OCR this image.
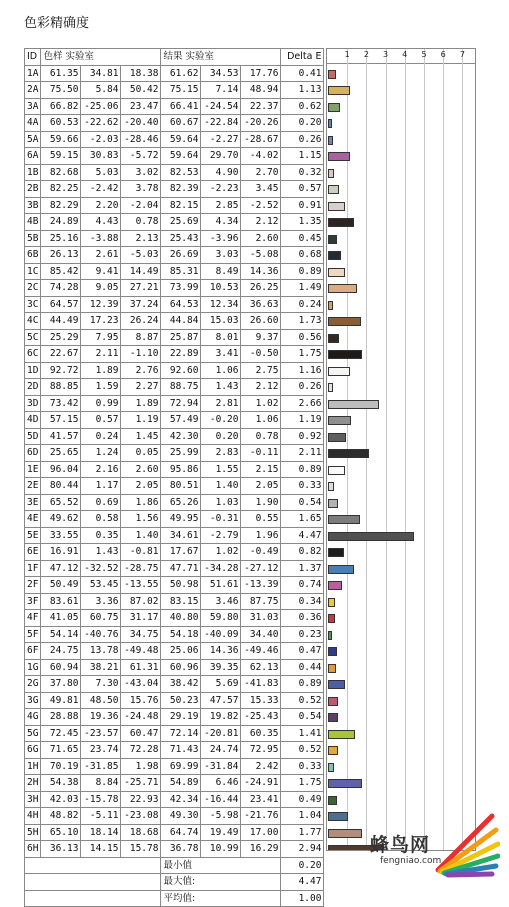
色彩精确度
ID	色样 实验室			结果 实验室			Delta E
1A	61.35	34.81	18.38	61.62	34.53	17.76	0.41
2A	75.50	5.84	50.42	75.15	7.14	48.94	1.13
3A	66.82	-25.06	23.47	66.41	-24.54	22.37	0.62
4A	60.53	-22.62	-20.40	60.67	-22.84	-20.26	0.20
5A	59.66	-2.03	-28.46	59.64	-2.27	-28.67	0.26
6A	59.15	30.83	-5.72	59.64	29.70	-4.02	1.15
1B	82.68	5.03	3.02	82.53	4.90	2.70	0.32
2B	82.25	-2.42	3.78	82.39	-2.23	3.45	0.57
3B	82.29	2.20	-2.04	82.15	2.85	-2.52	0.91
4B	24.89	4.43	0.78	25.69	4.34	2.12	1.35
5B	25.16	-3.88	2.13	25.43	-3.96	2.60	0.45
6B	26.13	2.61	-5.03	26.69	3.03	-5.08	0.68
1C	85.42	9.41	14.49	85.31	8.49	14.36	0.89
2C	74.28	9.05	27.21	73.99	10.53	26.25	1.49
3C	64.57	12.39	37.24	64.53	12.34	36.63	0.24
4C	44.49	17.23	26.24	44.84	15.03	26.60	1.73
5C	25.29	7.95	8.87	25.87	8.01	9.37	0.56
6C	22.67	2.11	-1.10	22.89	3.41	-0.50	1.75
1D	92.72	1.89	2.76	92.60	1.06	2.75	1.16
2D	88.85	1.59	2.27	88.75	1.43	2.12	0.26
3D	73.42	0.99	1.89	72.94	2.81	1.02	2.66
4D	57.15	0.57	1.19	57.49	-0.20	1.06	1.19
5D	41.57	0.24	1.45	42.30	0.20	0.78	0.92
6D	25.65	1.24	0.05	25.99	2.83	-0.11	2.11
1E	96.04	2.16	2.60	95.86	1.55	2.15	0.89
2E	80.44	1.17	2.05	80.51	1.40	2.05	0.33
3E	65.52	0.69	1.86	65.26	1.03	1.90	0.54
4E	49.62	0.58	1.56	49.95	-0.31	0.55	1.65
5E	33.55	0.35	1.40	34.61	-2.79	1.96	4.47
6E	16.91	1.43	-0.81	17.67	1.02	-0.49	0.82
1F	47.12	-32.52	-28.75	47.71	-34.28	-27.12	1.37
2F	50.49	53.45	-13.55	50.98	51.61	-13.39	0.74
3F	83.61	3.36	87.02	83.15	3.46	87.75	0.34
4F	41.05	60.75	31.17	40.80	59.80	31.03	0.36
5F	54.14	-40.76	34.75	54.18	-40.09	34.40	0.23
6F	24.75	13.78	-49.48	25.06	14.36	-49.46	0.47
1G	60.94	38.21	61.31	60.96	39.35	62.13	0.44
2G	37.80	7.30	-43.04	38.42	5.69	-41.83	0.89
3G	49.81	48.50	15.76	50.23	47.57	15.33	0.52
4G	28.88	19.36	-24.48	29.19	19.82	-25.43	0.54
5G	72.45	-23.57	60.47	72.14	-20.81	60.35	1.41
6G	71.65	23.74	72.28	71.43	24.74	72.95	0.52
1H	70.19	-31.85	1.98	69.99	-31.84	2.42	0.33
2H	54.38	8.84	-25.71	54.89	6.46	-24.91	1.75
3H	42.03	-15.78	22.93	42.34	-16.44	23.41	0.49
4H	48.82	-5.11	-23.08	49.30	-5.98	-21.76	1.04
5H	65.10	18.14	18.68	64.74	19.49	17.00	1.77
6H	36.13	14.15	15.78	36.78	10.99	16.29	2.94
				最小值			0.20
				最大值:			4.47
				平均值:			1.00
1	2	3	4	5	6	7
蜂鸟网
fengniao.com
